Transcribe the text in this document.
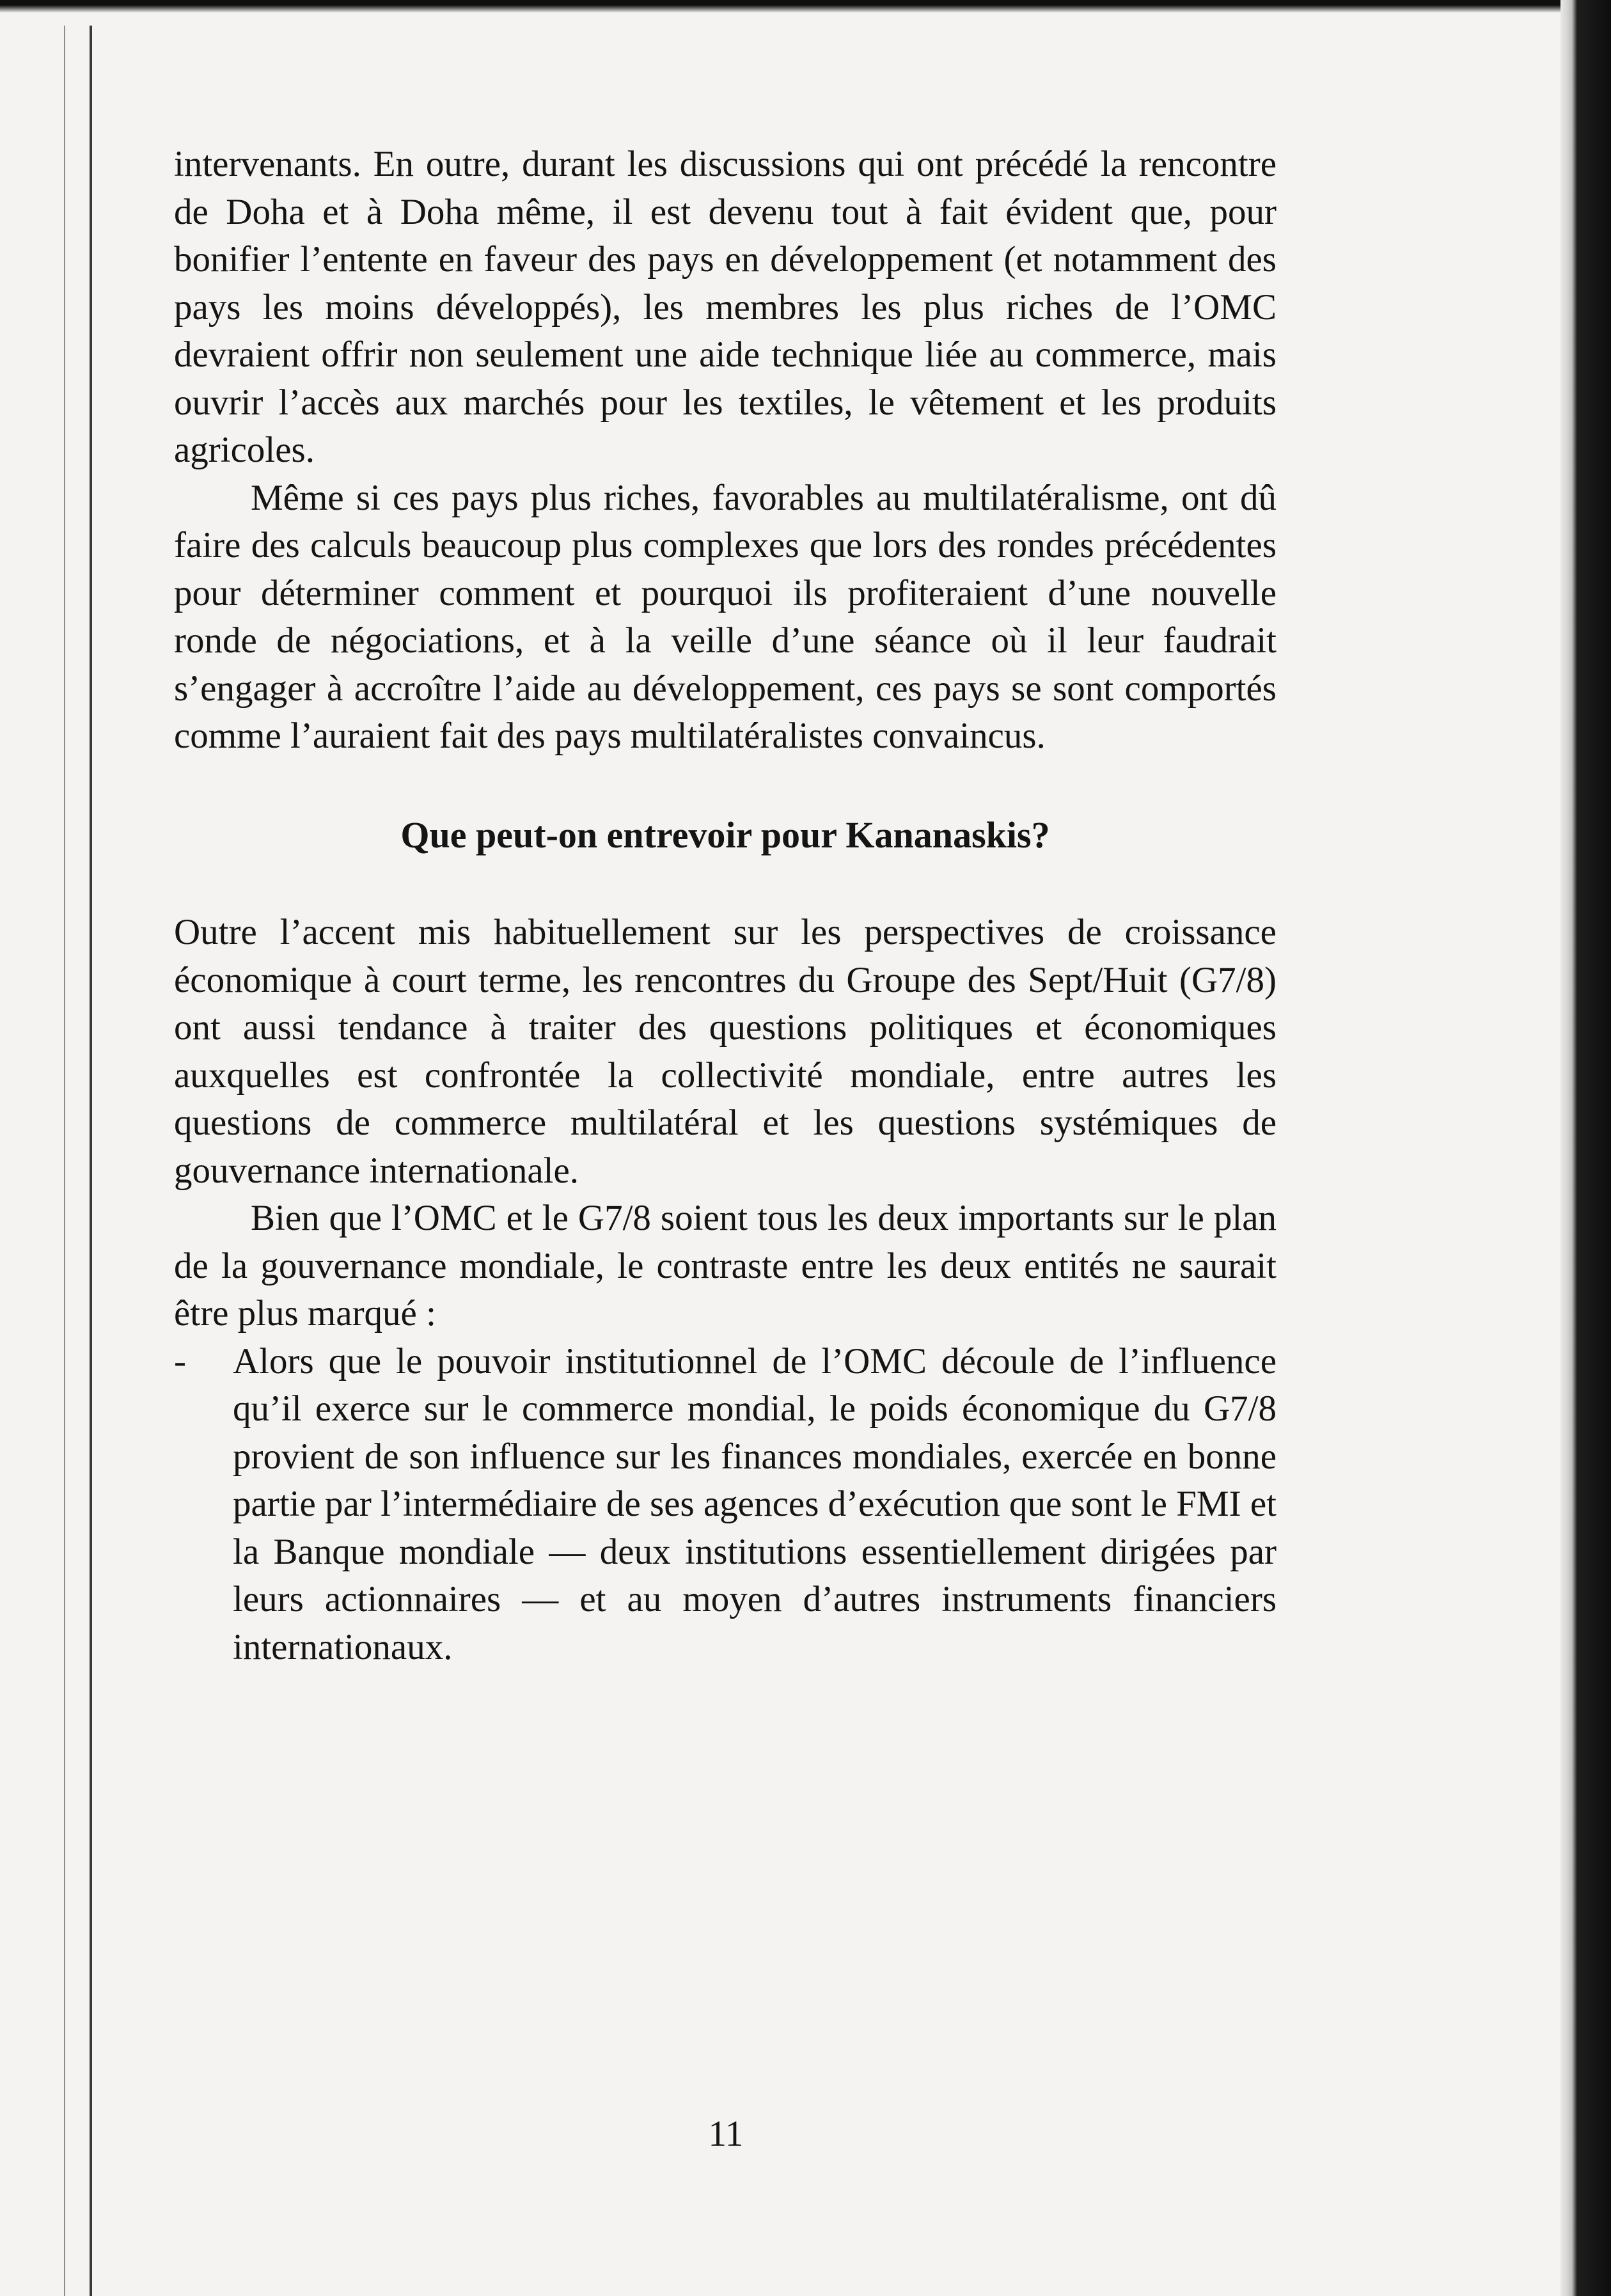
intervenants. En outre, durant les discussions qui ont précédé la rencontre de Doha et à Doha même, il est devenu tout à fait évident que, pour bonifier l’entente en faveur des pays en développement (et notamment des pays les moins développés), les membres les plus riches de l’OMC devraient offrir non seulement une aide technique liée au commerce, mais ouvrir l’accès aux marchés pour les textiles, le vêtement et les produits agricoles.

Même si ces pays plus riches, favorables au multilatéralisme, ont dû faire des calculs beaucoup plus complexes que lors des rondes précédentes pour déterminer comment et pourquoi ils profiteraient d’une nouvelle ronde de négociations, et à la veille d’une séance où il leur faudrait s’engager à accroître l’aide au développement, ces pays se sont comportés comme l’auraient fait des pays multilatéralistes convaincus.

Que peut-on entrevoir pour Kananaskis?

Outre l’accent mis habituellement sur les perspectives de croissance économique à court terme, les rencontres du Groupe des Sept/Huit (G7/8) ont aussi tendance à traiter des questions politiques et économiques auxquelles est confrontée la collectivité mondiale, entre autres les questions de commerce multilatéral et les questions systémiques de gouvernance internationale.

Bien que l’OMC et le G7/8 soient tous les deux importants sur le plan de la gouvernance mondiale, le contraste entre les deux entités ne saurait être plus marqué :

- Alors que le pouvoir institutionnel de l’OMC découle de l’influence qu’il exerce sur le commerce mondial, le poids économique du G7/8 provient de son influence sur les finances mondiales, exercée en bonne partie par l’intermédiaire de ses agences d’exécution que sont le FMI et la Banque mondiale — deux institutions essentiellement dirigées par leurs actionnaires — et au moyen d’autres instruments financiers internationaux.
11
